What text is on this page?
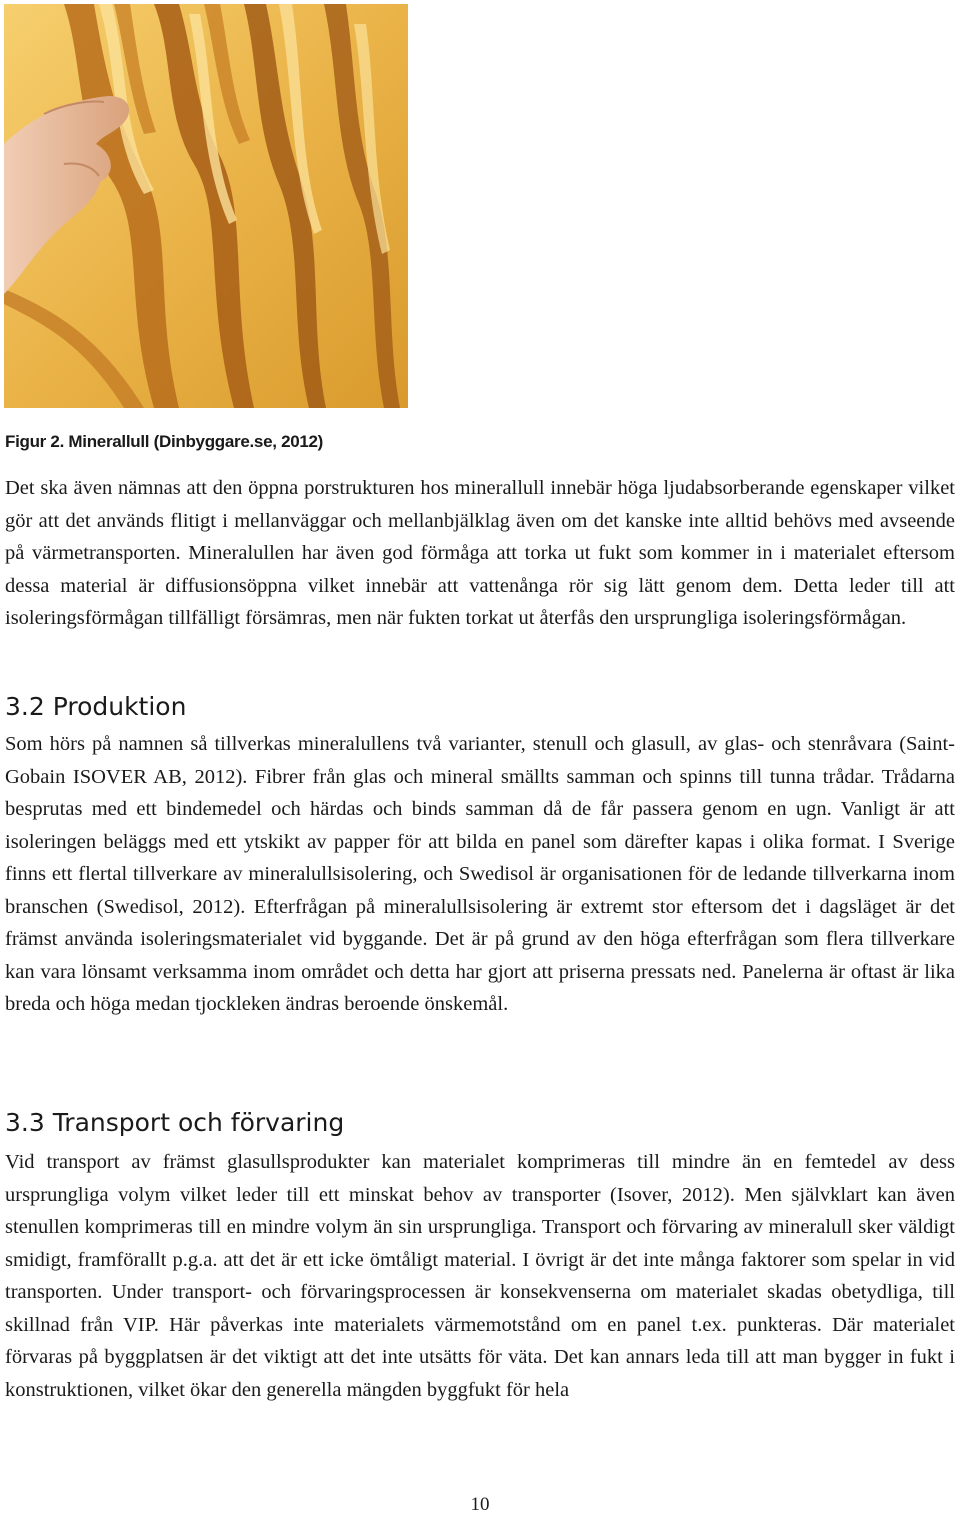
Figur 2. Minerallull (Dinbyggare.se, 2012)

Det ska även nämnas att den öppna porstrukturen hos minerallull innebär höga ljudabsorberande egenskaper vilket gör att det används flitigt i mellanväggar och mellanbjälklag även om det kanske inte alltid behövs med avseende på värmetransporten. Mineralullen har även god förmåga att torka ut fukt som kommer in i materialet eftersom dessa material är diffusionsöppna vilket innebär att vattenånga rör sig lätt genom dem. Detta leder till att isoleringsförmågan tillfälligt försämras, men när fukten torkat ut återfås den ursprungliga isoleringsförmågan.

3.2 Produktion

Som hörs på namnen så tillverkas mineralullens två varianter, stenull och glasull, av glas- och stenråvara (Saint-Gobain ISOVER AB, 2012). Fibrer från glas och mineral smällts samman och spinns till tunna trådar. Trådarna besprutas med ett bindemedel och härdas och binds samman då de får passera genom en ugn. Vanligt är att isoleringen beläggs med ett ytskikt av papper för att bilda en panel som därefter kapas i olika format. I Sverige finns ett flertal tillverkare av mineralullsisolering, och Swedisol är organisationen för de ledande tillverkarna inom branschen (Swedisol, 2012). Efterfrågan på mineralullsisolering är extremt stor eftersom det i dagsläget är det främst använda isoleringsmaterialet vid byggande. Det är på grund av den höga efterfrågan som flera tillverkare kan vara lönsamt verksamma inom området och detta har gjort att priserna pressats ned. Panelerna är oftast är lika breda och höga medan tjockleken ändras beroende önskemål.

3.3 Transport och förvaring

Vid transport av främst glasullsprodukter kan materialet komprimeras till mindre än en femtedel av dess ursprungliga volym vilket leder till ett minskat behov av transporter (Isover, 2012). Men självklart kan även stenullen komprimeras till en mindre volym än sin ursprungliga. Transport och förvaring av mineralull sker väldigt smidigt, framförallt p.g.a. att det är ett icke ömtåligt material. I övrigt är det inte många faktorer som spelar in vid transporten. Under transport- och förvaringsprocessen är konsekvenserna om materialet skadas obetydliga, till skillnad från VIP. Här påverkas inte materialets värmemotstånd om en panel t.ex. punkteras. Där materialet förvaras på byggplatsen är det viktigt att det inte utsätts för väta. Det kan annars leda till att man bygger in fukt i konstruktionen, vilket ökar den generella mängden byggfukt för hela

10
